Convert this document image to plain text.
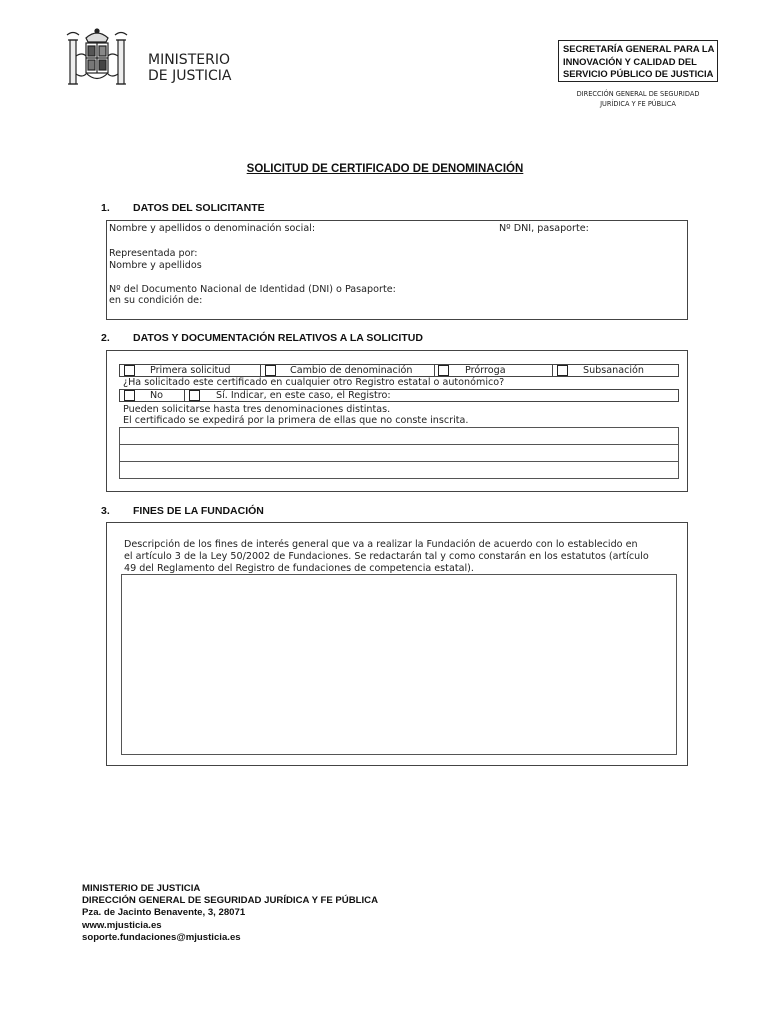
MINISTERIO
DE JUSTICIA
SECRETARÍA GENERAL PARA LA
INNOVACIÓN Y CALIDAD DEL
SERVICIO PÚBLICO DE JUSTICIA
DIRECCIÓN GENERAL DE SEGURIDAD
JURÍDICA Y FE PÚBLICA
SOLICITUD DE CERTIFICADO DE DENOMINACIÓN
1. DATOS DEL SOLICITANTE
Nombre y apellidos o denominación social:	Nº DNI, pasaporte:
Representada por:
Nombre y apellidos
Nº del Documento Nacional de Identidad (DNI) o Pasaporte:
en su condición de:
2. DATOS Y DOCUMENTACIÓN RELATIVOS A LA SOLICITUD
Primera solicitud	Cambio de denominación	Prórroga	Subsanación
¿Ha solicitado este certificado en cualquier otro Registro estatal o autonómico?
No	Sí. Indicar, en este caso, el Registro:
Pueden solicitarse hasta tres denominaciones distintas.
El certificado se expedirá por la primera de ellas que no conste inscrita.
3. FINES DE LA FUNDACIÓN
Descripción de los fines de interés general que va a realizar la Fundación de acuerdo con lo establecido en
el artículo 3 de la Ley 50/2002 de Fundaciones. Se redactarán tal y como constarán en los estatutos (artículo
49 del Reglamento del Registro de fundaciones de competencia estatal).
MINISTERIO DE JUSTICIA
DIRECCIÓN GENERAL DE SEGURIDAD JURÍDICA Y FE PÚBLICA
Pza. de Jacinto Benavente, 3, 28071
www.mjusticia.es
soporte.fundaciones@mjusticia.es
